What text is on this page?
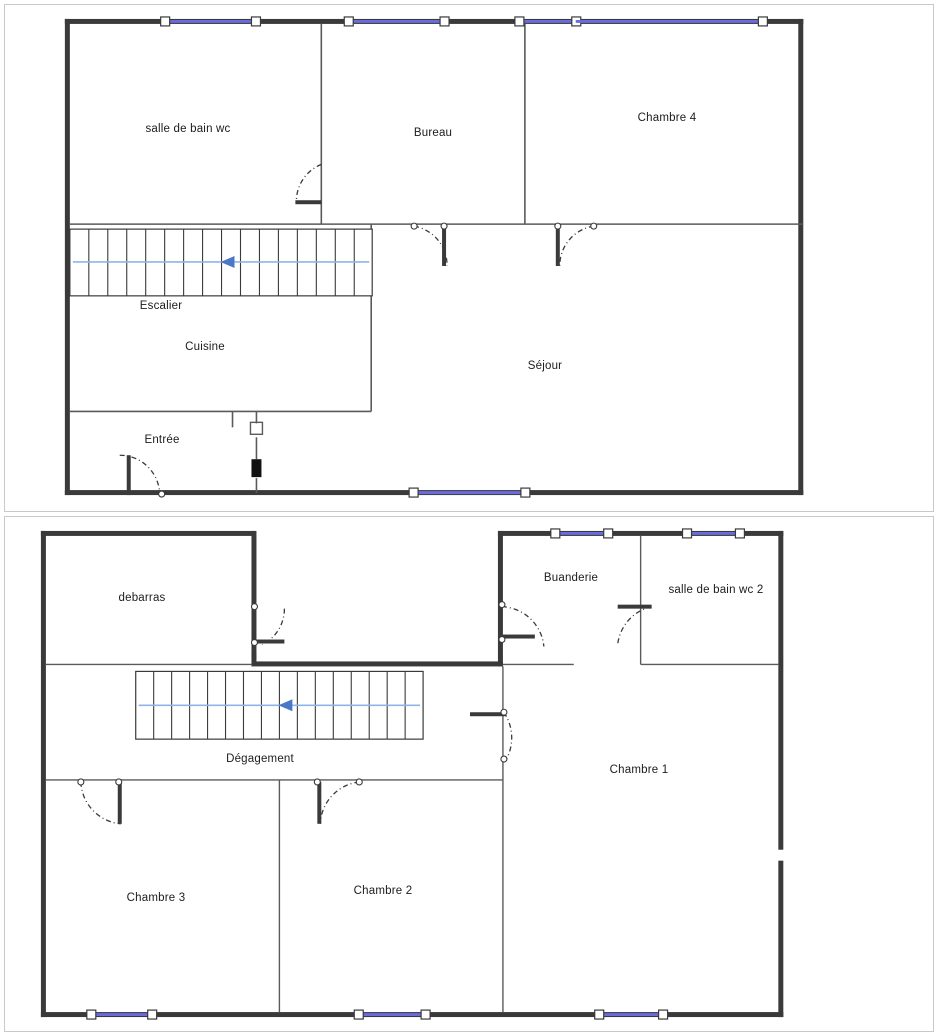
salle de bain wc	Bureau
Chambre 4
Escalier
Cuisine
Séjour
Entrée
debarras
Buanderie
salle de bain wc 2
Dégagement
Chambre 1
Chambre 3
Chambre 2
